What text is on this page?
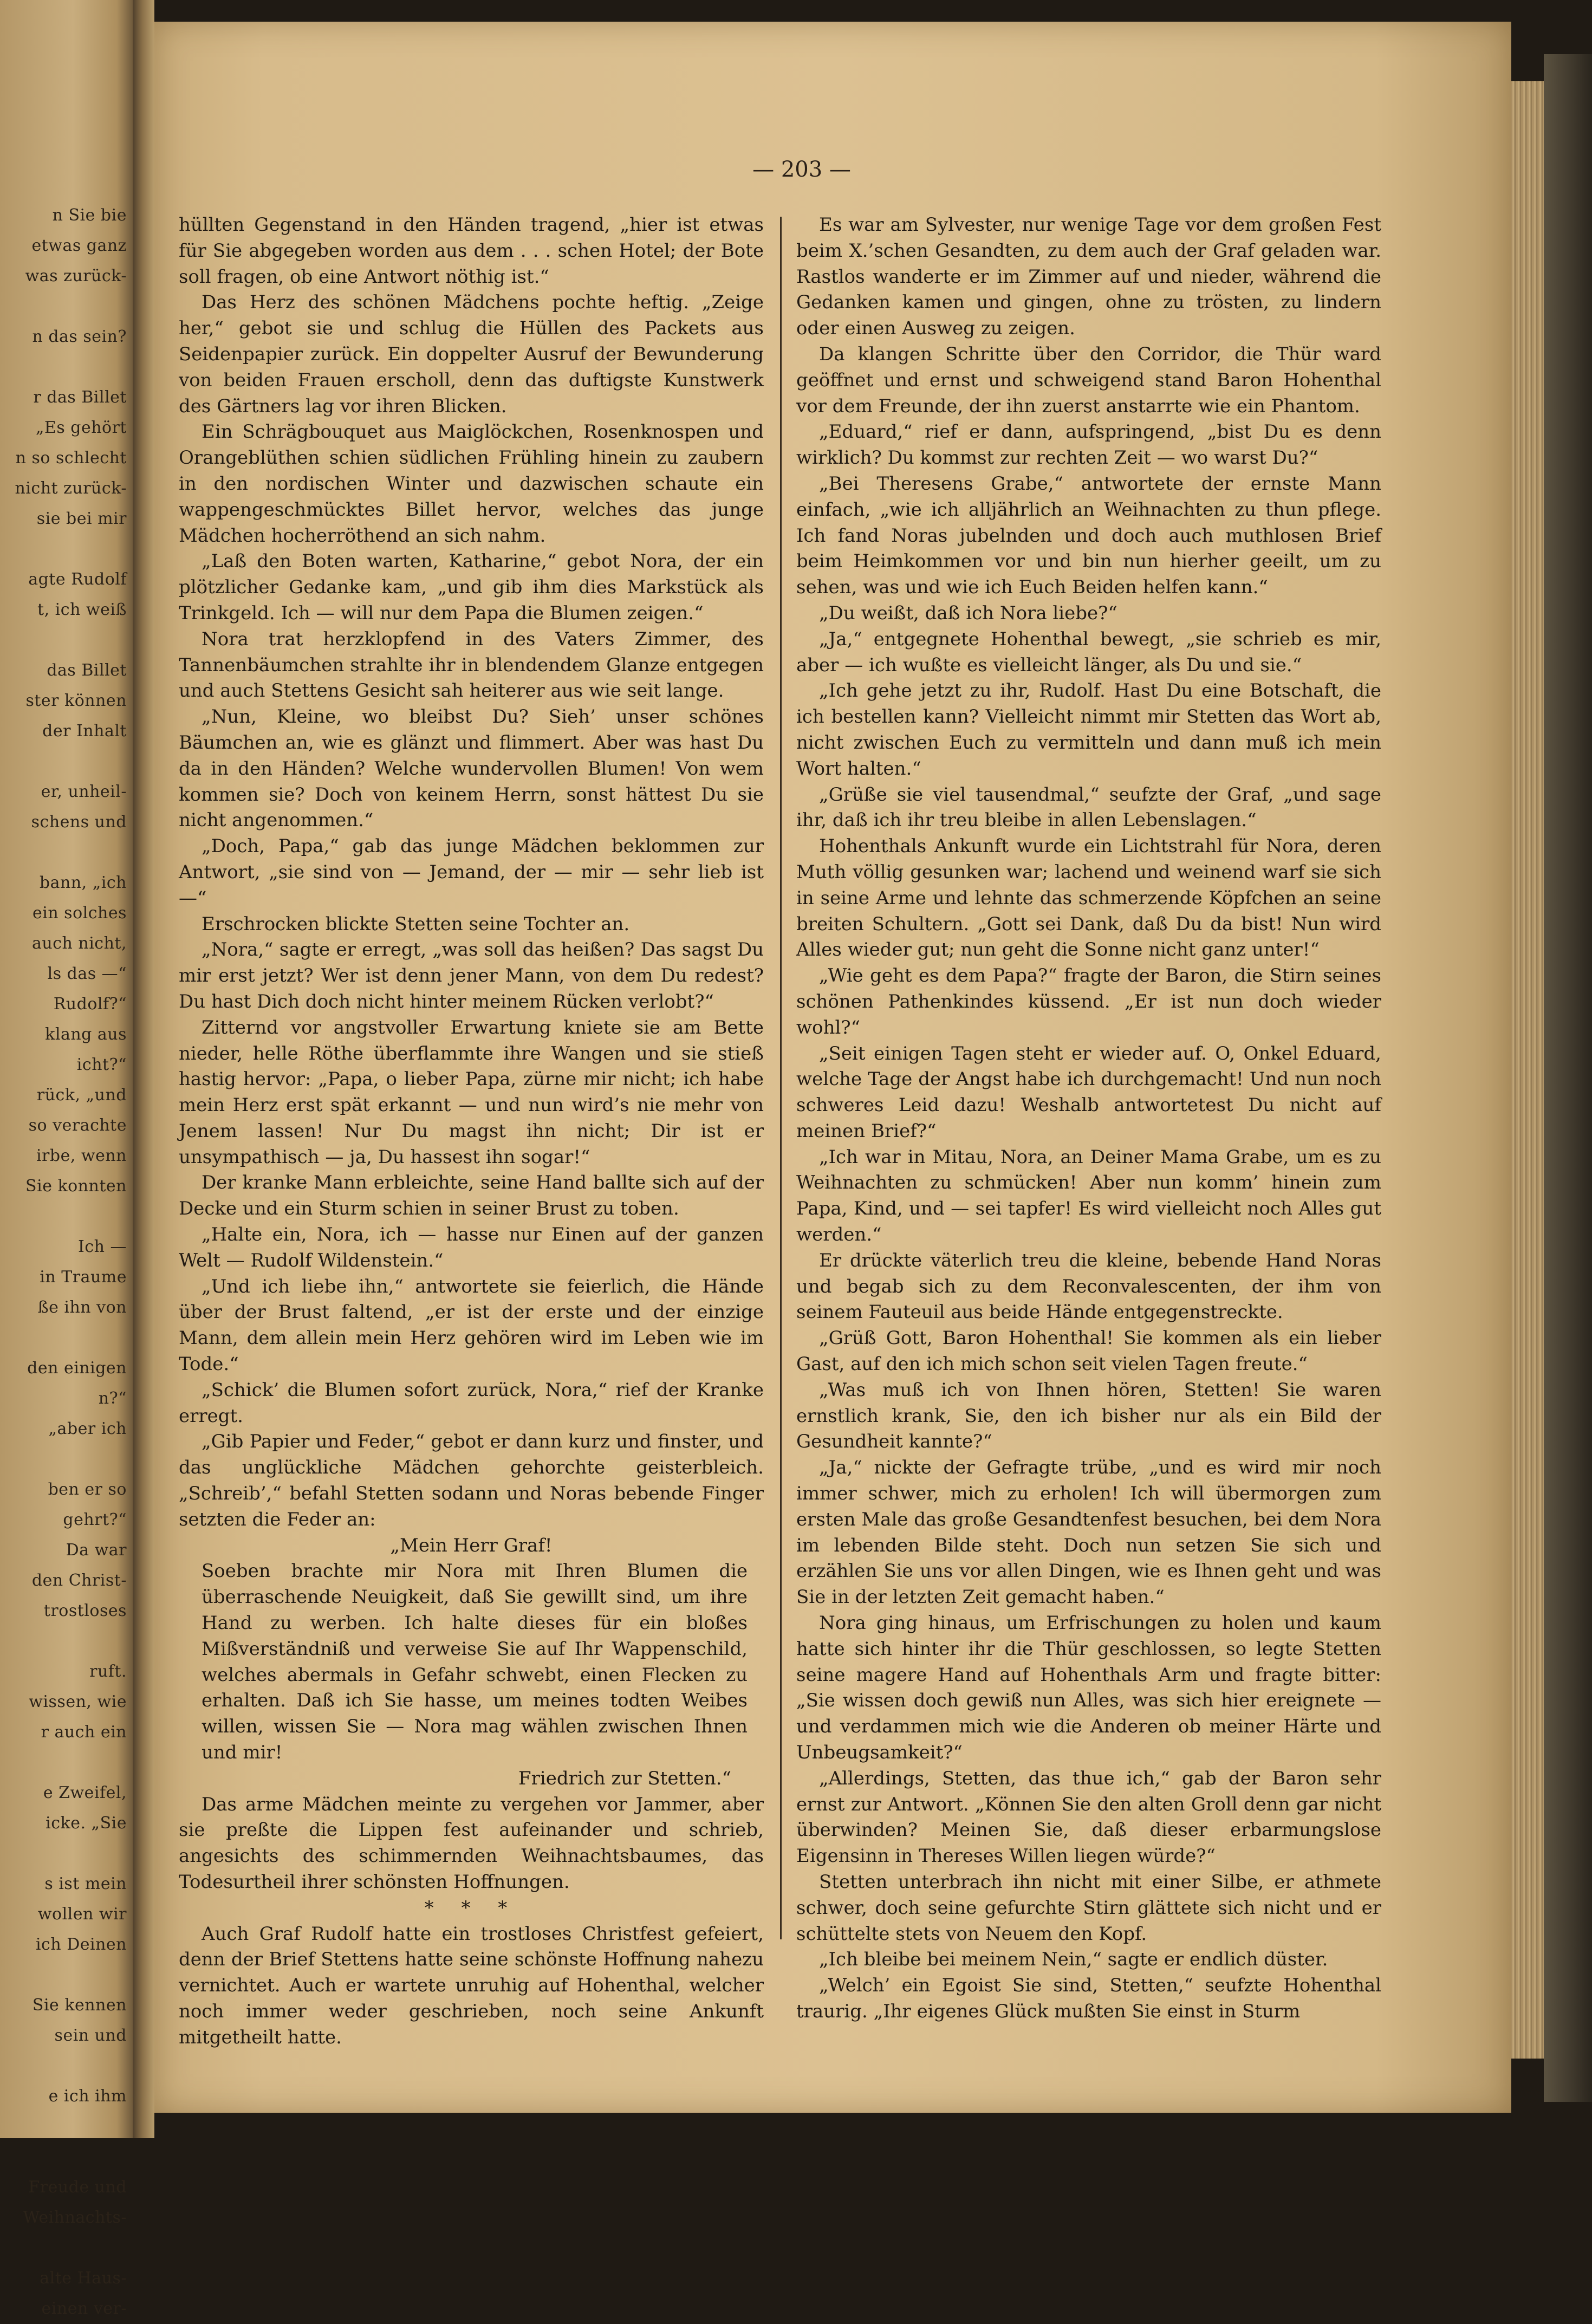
n Sie bie
etwas ganz
was zurück-

n das sein?

r das Billet
„Es gehört
n so schlecht
nicht zurück-
sie bei mir

agte Rudolf
t, ich weiß

das Billet
ster können
der Inhalt

er, unheil-
schens und

bann, „ich
ein solches
auch nicht,
ls das —“
Rudolf?“
klang aus
icht?“
rück, „und
so verachte
irbe, wenn
Sie konnten

Ich —
in Traume
ße ihn von

den einigen
n?“
„aber ich

ben er so
gehrt?“
Da war
den Christ-
trostloses

ruft.
wissen, wie
r auch ein

e Zweifel,
icke. „Sie

s ist mein
wollen wir
ich Deinen

Sie kennen
sein und

e ich ihm

Freude und
Weihnachts-

alte Haus-
einen ver-
— 203 —

hüllten Gegenstand in den Händen tragend, „hier ist etwas für Sie abgegeben worden aus dem . . . schen Hotel; der Bote soll fragen, ob eine Antwort nöthig ist.“

Das Herz des schönen Mädchens pochte heftig. „Zeige her,“ gebot sie und schlug die Hüllen des Packets aus Seidenpapier zurück. Ein doppelter Ausruf der Bewunderung von beiden Frauen erscholl, denn das duftigste Kunstwerk des Gärtners lag vor ihren Blicken.

Ein Schrägbouquet aus Maiglöckchen, Rosenknospen und Orangeblüthen schien südlichen Frühling hinein zu zaubern in den nordischen Winter und dazwischen schaute ein wappengeschmücktes Billet hervor, welches das junge Mädchen hocherröthend an sich nahm.

„Laß den Boten warten, Katharine,“ gebot Nora, der ein plötzlicher Gedanke kam, „und gib ihm dies Markstück als Trinkgeld. Ich — will nur dem Papa die Blumen zeigen.“

Nora trat herzklopfend in des Vaters Zimmer, des Tannenbäumchen strahlte ihr in blendendem Glanze entgegen und auch Stettens Gesicht sah heiterer aus wie seit lange.

„Nun, Kleine, wo bleibst Du? Sieh’ unser schönes Bäumchen an, wie es glänzt und flimmert. Aber was hast Du da in den Händen? Welche wundervollen Blumen! Von wem kommen sie? Doch von keinem Herrn, sonst hättest Du sie nicht angenommen.“

„Doch, Papa,“ gab das junge Mädchen beklommen zur Antwort, „sie sind von — Jemand, der — mir — sehr lieb ist —“

Erschrocken blickte Stetten seine Tochter an.

„Nora,“ sagte er erregt, „was soll das heißen? Das sagst Du mir erst jetzt? Wer ist denn jener Mann, von dem Du redest? Du hast Dich doch nicht hinter meinem Rücken verlobt?“

Zitternd vor angstvoller Erwartung kniete sie am Bette nieder, helle Röthe überflammte ihre Wangen und sie stieß hastig hervor: „Papa, o lieber Papa, zürne mir nicht; ich habe mein Herz erst spät erkannt — und nun wird’s nie mehr von Jenem lassen! Nur Du magst ihn nicht; Dir ist er unsympathisch — ja, Du hassest ihn sogar!“

Der kranke Mann erbleichte, seine Hand ballte sich auf der Decke und ein Sturm schien in seiner Brust zu toben.

„Halte ein, Nora, ich — hasse nur Einen auf der ganzen Welt — Rudolf Wildenstein.“

„Und ich liebe ihn,“ antwortete sie feierlich, die Hände über der Brust faltend, „er ist der erste und der einzige Mann, dem allein mein Herz gehören wird im Leben wie im Tode.“

„Schick’ die Blumen sofort zurück, Nora,“ rief der Kranke erregt.

„Gib Papier und Feder,“ gebot er dann kurz und finster, und das unglückliche Mädchen gehorchte geisterbleich. „Schreib’,“ befahl Stetten sodann und Noras bebende Finger setzten die Feder an:

„Mein Herr Graf!

Soeben brachte mir Nora mit Ihren Blumen die überraschende Neuigkeit, daß Sie gewillt sind, um ihre Hand zu werben. Ich halte dieses für ein bloßes Mißverständniß und verweise Sie auf Ihr Wappenschild, welches abermals in Gefahr schwebt, einen Flecken zu erhalten. Daß ich Sie hasse, um meines todten Weibes willen, wissen Sie — Nora mag wählen zwischen Ihnen und mir!

Friedrich zur Stetten.“

Das arme Mädchen meinte zu vergehen vor Jammer, aber sie preßte die Lippen fest aufeinander und schrieb, angesichts des schimmernden Weihnachtsbaumes, das Todesurtheil ihrer schönsten Hoffnungen.

* * *

Auch Graf Rudolf hatte ein trostloses Christfest gefeiert, denn der Brief Stettens hatte seine schönste Hoffnung nahezu vernichtet. Auch er wartete unruhig auf Hohenthal, welcher noch immer weder geschrieben, noch seine Ankunft mitgetheilt hatte.

Es war am Sylvester, nur wenige Tage vor dem großen Fest beim X.’schen Gesandten, zu dem auch der Graf geladen war. Rastlos wanderte er im Zimmer auf und nieder, während die Gedanken kamen und gingen, ohne zu trösten, zu lindern oder einen Ausweg zu zeigen.

Da klangen Schritte über den Corridor, die Thür ward geöffnet und ernst und schweigend stand Baron Hohenthal vor dem Freunde, der ihn zuerst anstarrte wie ein Phantom.

„Eduard,“ rief er dann, aufspringend, „bist Du es denn wirklich? Du kommst zur rechten Zeit — wo warst Du?“

„Bei Theresens Grabe,“ antwortete der ernste Mann einfach, „wie ich alljährlich an Weihnachten zu thun pflege. Ich fand Noras jubelnden und doch auch muthlosen Brief beim Heimkommen vor und bin nun hierher geeilt, um zu sehen, was und wie ich Euch Beiden helfen kann.“

„Du weißt, daß ich Nora liebe?“

„Ja,“ entgegnete Hohenthal bewegt, „sie schrieb es mir, aber — ich wußte es vielleicht länger, als Du und sie.“

„Ich gehe jetzt zu ihr, Rudolf. Hast Du eine Botschaft, die ich bestellen kann? Vielleicht nimmt mir Stetten das Wort ab, nicht zwischen Euch zu vermitteln und dann muß ich mein Wort halten.“

„Grüße sie viel tausendmal,“ seufzte der Graf, „und sage ihr, daß ich ihr treu bleibe in allen Lebenslagen.“

Hohenthals Ankunft wurde ein Lichtstrahl für Nora, deren Muth völlig gesunken war; lachend und weinend warf sie sich in seine Arme und lehnte das schmerzende Köpfchen an seine breiten Schultern. „Gott sei Dank, daß Du da bist! Nun wird Alles wieder gut; nun geht die Sonne nicht ganz unter!“

„Wie geht es dem Papa?“ fragte der Baron, die Stirn seines schönen Pathenkindes küssend. „Er ist nun doch wieder wohl?“

„Seit einigen Tagen steht er wieder auf. O, Onkel Eduard, welche Tage der Angst habe ich durchgemacht! Und nun noch schweres Leid dazu! Weshalb antwortetest Du nicht auf meinen Brief?“

„Ich war in Mitau, Nora, an Deiner Mama Grabe, um es zu Weihnachten zu schmücken! Aber nun komm’ hinein zum Papa, Kind, und — sei tapfer! Es wird vielleicht noch Alles gut werden.“

Er drückte väterlich treu die kleine, bebende Hand Noras und begab sich zu dem Reconvalescenten, der ihm von seinem Fauteuil aus beide Hände entgegenstreckte.

„Grüß Gott, Baron Hohenthal! Sie kommen als ein lieber Gast, auf den ich mich schon seit vielen Tagen freute.“

„Was muß ich von Ihnen hören, Stetten! Sie waren ernstlich krank, Sie, den ich bisher nur als ein Bild der Gesundheit kannte?“

„Ja,“ nickte der Gefragte trübe, „und es wird mir noch immer schwer, mich zu erholen! Ich will übermorgen zum ersten Male das große Gesandtenfest besuchen, bei dem Nora im lebenden Bilde steht. Doch nun setzen Sie sich und erzählen Sie uns vor allen Dingen, wie es Ihnen geht und was Sie in der letzten Zeit gemacht haben.“

Nora ging hinaus, um Erfrischungen zu holen und kaum hatte sich hinter ihr die Thür geschlossen, so legte Stetten seine magere Hand auf Hohenthals Arm und fragte bitter: „Sie wissen doch gewiß nun Alles, was sich hier ereignete — und verdammen mich wie die Anderen ob meiner Härte und Unbeugsamkeit?“

„Allerdings, Stetten, das thue ich,“ gab der Baron sehr ernst zur Antwort. „Können Sie den alten Groll denn gar nicht überwinden? Meinen Sie, daß dieser erbarmungslose Eigensinn in Thereses Willen liegen würde?“

Stetten unterbrach ihn nicht mit einer Silbe, er athmete schwer, doch seine gefurchte Stirn glättete sich nicht und er schüttelte stets von Neuem den Kopf.

„Ich bleibe bei meinem Nein,“ sagte er endlich düster.

„Welch’ ein Egoist Sie sind, Stetten,“ seufzte Hohenthal traurig. „Ihr eigenes Glück mußten Sie einst in Sturm
